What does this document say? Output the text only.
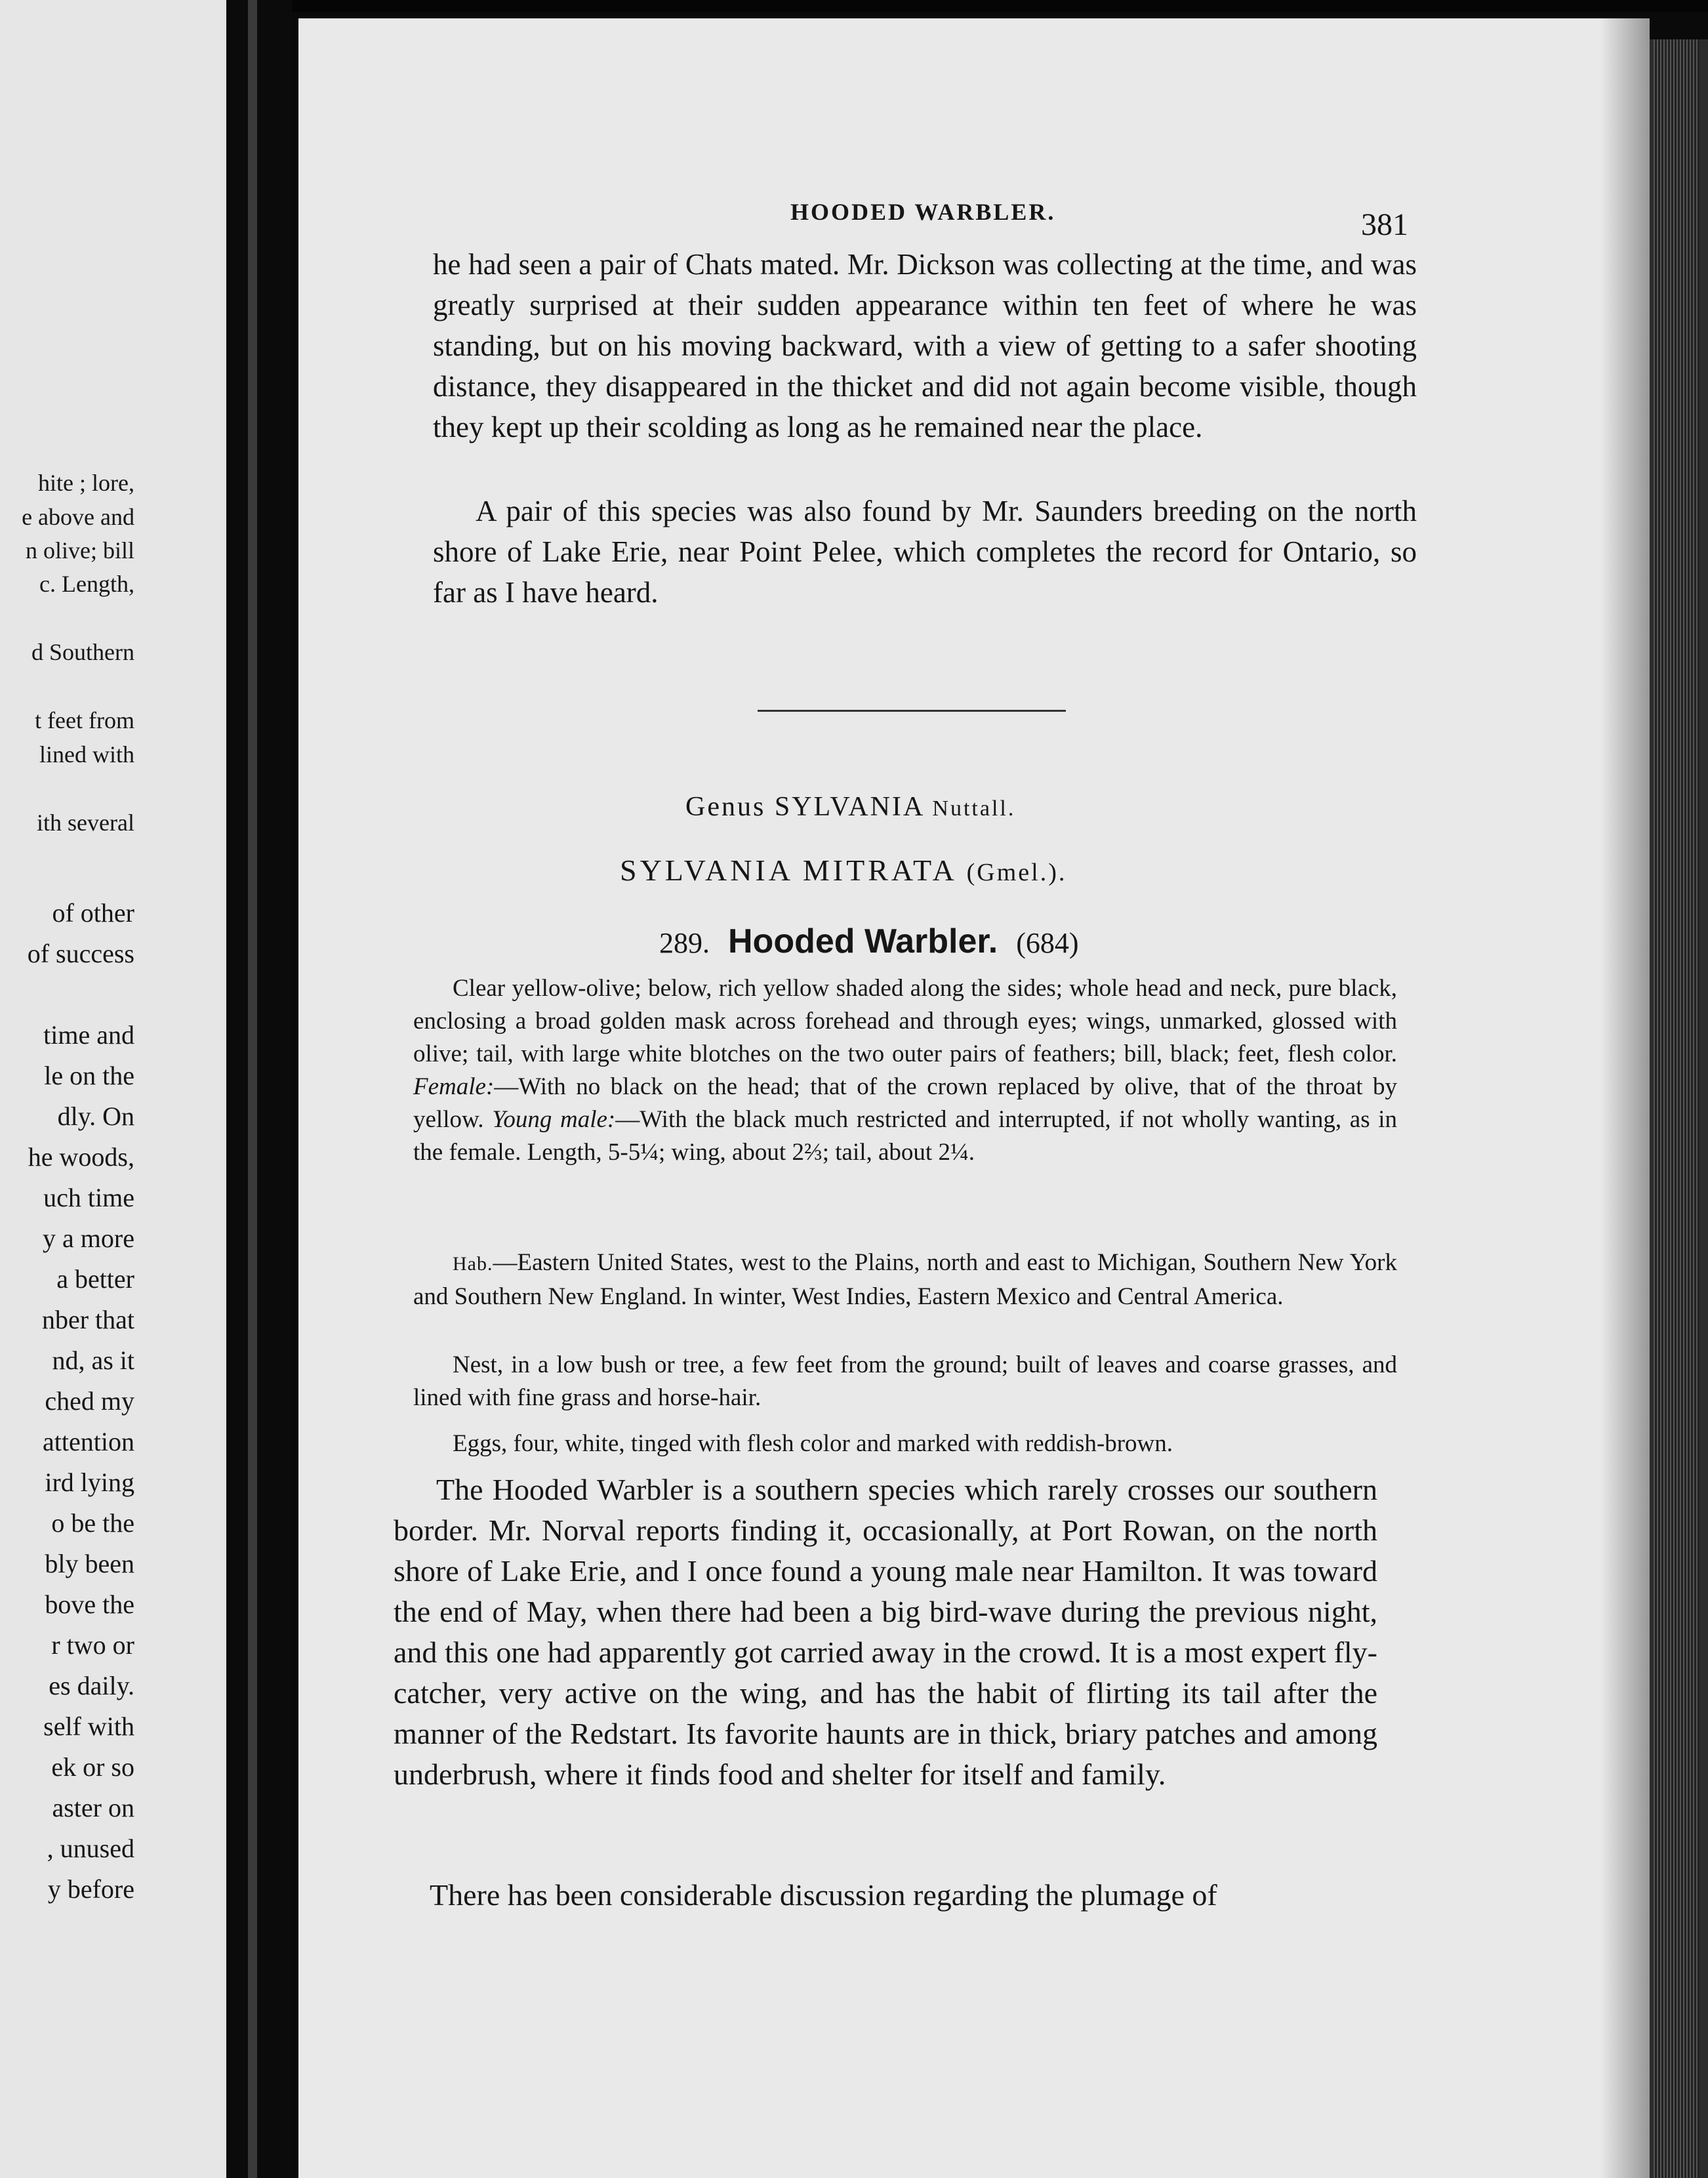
hite ; lore,
e above and
n olive; bill
c. Length,
d Southern
t feet from
lined with
ith several
of other
of success
time and
le on the
dly. On
he woods,
uch time
y a more
a better
nber that
nd, as it
ched my
attention
ird lying
o be the
bly been
bove the
r two or
es daily.
self with
ek or so
aster on
, unused
y before
HOODED WARBLER.	381
he had seen a pair of Chats mated. Mr. Dickson was collecting at the time, and was greatly surprised at their sudden appearance within ten feet of where he was standing, but on his moving backward, with a view of getting to a safer shooting distance, they disappeared in the thicket and did not again become visible, though they kept up their scolding as long as he remained near the place.
A pair of this species was also found by Mr. Saunders breeding on the north shore of Lake Erie, near Point Pelee, which completes the record for Ontario, so far as I have heard.
Genus SYLVANIA Nuttall.
SYLVANIA MITRATA (Gmel.).
289. Hooded Warbler. (684)
Clear yellow-olive; below, rich yellow shaded along the sides; whole head and neck, pure black, enclosing a broad golden mask across forehead and through eyes; wings, unmarked, glossed with olive; tail, with large white blotches on the two outer pairs of feathers; bill, black; feet, flesh color. Female:—With no black on the head; that of the crown replaced by olive, that of the throat by yellow. Young male:—With the black much restricted and interrupted, if not wholly wanting, as in the female. Length, 5-5¼; wing, about 2⅔; tail, about 2¼.
Hab.—Eastern United States, west to the Plains, north and east to Michigan, Southern New York and Southern New England. In winter, West Indies, Eastern Mexico and Central America.
Nest, in a low bush or tree, a few feet from the ground; built of leaves and coarse grasses, and lined with fine grass and horse-hair.
Eggs, four, white, tinged with flesh color and marked with reddish-brown.
The Hooded Warbler is a southern species which rarely crosses our southern border. Mr. Norval reports finding it, occasionally, at Port Rowan, on the north shore of Lake Erie, and I once found a young male near Hamilton. It was toward the end of May, when there had been a big bird-wave during the previous night, and this one had apparently got carried away in the crowd. It is a most expert fly-catcher, very active on the wing, and has the habit of flirting its tail after the manner of the Redstart. Its favorite haunts are in thick, briary patches and among underbrush, where it finds food and shelter for itself and family.
There has been considerable discussion regarding the plumage of
